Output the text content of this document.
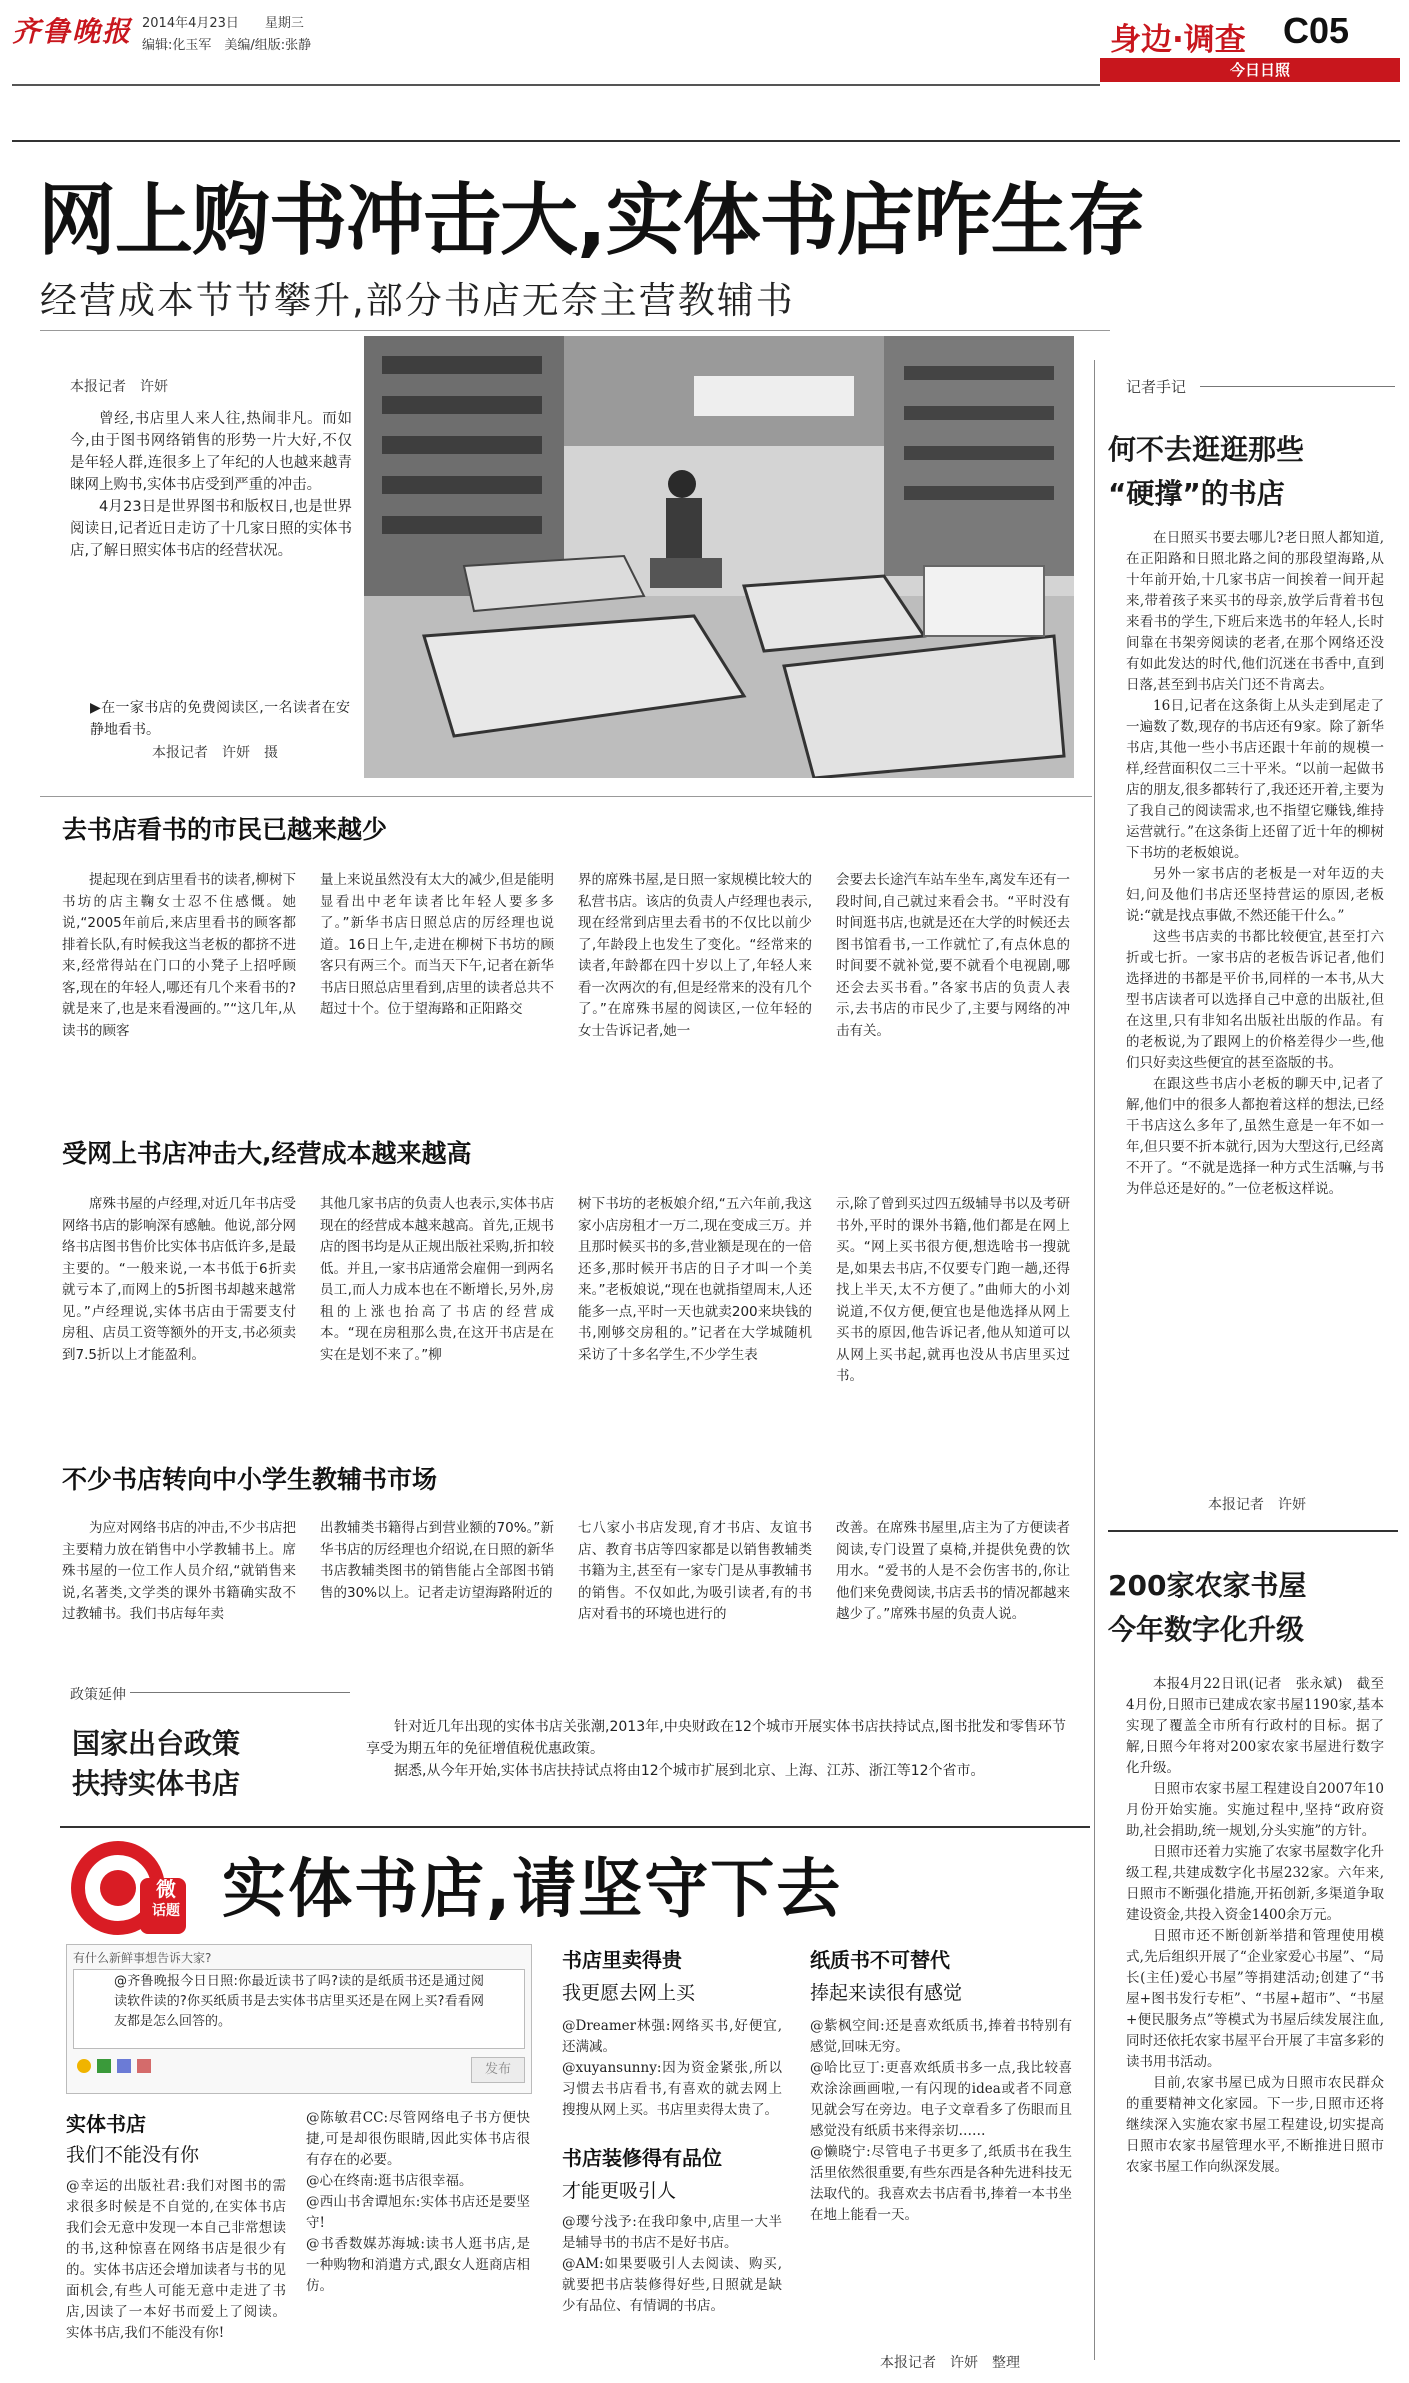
齐鲁晚报 2014年4月23日　　 星期三
编辑:化玉军　 美编/组版:张静	身边·调查 C05
今日日照
网上购书冲击大,实体书店咋生存
经营成本节节攀升,部分书店无奈主营教辅书
本报记者　许妍

曾经,书店里人来人往,热闹非凡。而如今,由于图书网络销售的形势一片大好,不仅是年轻人群,连很多上了年纪的人也越来越青睐网上购书,实体书店受到严重的冲击。

4月23日是世界图书和版权日,也是世界阅读日,记者近日走访了十几家日照的实体书店,了解日照实体书店的经营状况。

▶在一家书店的免费阅读区,一名读者在安静地看书。
本报记者　许妍　摄
去书店看书的市民已越来越少

提起现在到店里看书的读者,柳树下书坊的店主鞠女士忍不住感慨。她说,“2005年前后,来店里看书的顾客都排着长队,有时候我这当老板的都挤不进来,经常得站在门口的小凳子上招呼顾客,现在的年轻人,哪还有几个来看书的?就是来了,也是来看漫画的。”“这几年,从读书的顾客

量上来说虽然没有太大的减少,但是能明显看出中老年读者比年轻人要多多了。”新华书店日照总店的厉经理也说道。16日上午,走进在柳树下书坊的顾客只有两三个。而当天下午,记者在新华书店日照总店里看到,店里的读者总共不超过十个。位于望海路和正阳路交

界的席殊书屋,是日照一家规模比较大的私营书店。该店的负责人卢经理也表示,现在经常到店里去看书的不仅比以前少了,年龄段上也发生了变化。“经常来的读者,年龄都在四十岁以上了,年轻人来看一次两次的有,但是经常来的没有几个了。”在席殊书屋的阅读区,一位年轻的女士告诉记者,她一

会要去长途汽车站车坐车,离发车还有一段时间,自己就过来看会书。“平时没有时间逛书店,也就是还在大学的时候还去图书馆看书,一工作就忙了,有点休息的时间要不就补觉,要不就看个电视剧,哪还会去买书看。”各家书店的负责人表示,去书店的市民少了,主要与网络的冲击有关。

受网上书店冲击大,经营成本越来越高

席殊书屋的卢经理,对近几年书店受网络书店的影响深有感触。他说,部分网络书店图书售价比实体书店低许多,是最主要的。“一般来说,一本书低于6折卖就亏本了,而网上的5折图书却越来越常见。”卢经理说,实体书店由于需要支付房租、店员工资等额外的开支,书必须卖到7.5折以上才能盈利。

其他几家书店的负责人也表示,实体书店现在的经营成本越来越高。首先,正规书店的图书均是从正规出版社采购,折扣较低。并且,一家书店通常会雇佣一到两名员工,而人力成本也在不断增长,另外,房租的上涨也抬高了书店的经营成本。“现在房租那么贵,在这开书店是在实在是划不来了。”柳

树下书坊的老板娘介绍,“五六年前,我这家小店房租才一万二,现在变成三万。并且那时候买书的多,营业额是现在的一倍还多,那时候开书店的日子才叫一个美来。”老板娘说,“现在也就指望周末,人还能多一点,平时一天也就卖200来块钱的书,刚够交房租的。”记者在大学城随机采访了十多名学生,不少学生表

示,除了曾到买过四五级辅导书以及考研书外,平时的课外书籍,他们都是在网上买。“网上买书很方便,想选啥书一搜就是,如果去书店,不仅要专门跑一趟,还得找上半天,太不方便了。”曲师大的小刘说道,不仅方便,便宜也是他选择从网上买书的原因,他告诉记者,他从知道可以从网上买书起,就再也没从书店里买过书。

不少书店转向中小学生教辅书市场

为应对网络书店的冲击,不少书店把主要精力放在销售中小学教辅书上。席殊书屋的一位工作人员介绍,“就销售来说,名著类,文学类的课外书籍确实敌不过教辅书。我们书店每年卖

出教辅类书籍得占到营业额的70%。”新华书店的厉经理也介绍说,在日照的新华书店教辅类图书的销售能占全部图书销售的30%以上。记者走访望海路附近的

七八家小书店发现,育才书店、友谊书店、教育书店等四家都是以销售教辅类书籍为主,甚至有一家专门是从事教辅书的销售。不仅如此,为吸引读者,有的书店对看书的环境也进行的

改善。在席殊书屋里,店主为了方便读者阅读,专门设置了桌椅,并提供免费的饮用水。“爱书的人是不会伤害书的,你让他们来免费阅读,书店丢书的情况都越来越少了。”席殊书屋的负责人说。

记者手记
何不去逛逛那些
“硬撑”的书店

在日照买书要去哪儿?老日照人都知道,在正阳路和日照北路之间的那段望海路,从十年前开始,十几家书店一间挨着一间开起来,带着孩子来买书的母亲,放学后背着书包来看书的学生,下班后来选书的年轻人,长时间靠在书架旁阅读的老者,在那个网络还没有如此发达的时代,他们沉迷在书香中,直到日落,甚至到书店关门还不肯离去。

16日,记者在这条街上从头走到尾走了一遍数了数,现存的书店还有9家。除了新华书店,其他一些小书店还跟十年前的规模一样,经营面积仅二三十平米。“以前一起做书店的朋友,很多都转行了,我还还开着,主要为了我自己的阅读需求,也不指望它赚钱,维持运营就行。”在这条街上还留了近十年的柳树下书坊的老板娘说。

另外一家书店的老板是一对年迈的夫妇,问及他们书店还坚持营运的原因,老板说:“就是找点事做,不然还能干什么。”

这些书店卖的书都比较便宜,甚至打六折或七折。一家书店的老板告诉记者,他们选择进的书都是平价书,同样的一本书,从大型书店读者可以选择自己中意的出版社,但在这里,只有非知名出版社出版的作品。有的老板说,为了跟网上的价格差得少一些,他们只好卖这些便宜的甚至盗版的书。

在跟这些书店小老板的聊天中,记者了解,他们中的很多人都抱着这样的想法,已经干书店这么多年了,虽然生意是一年不如一年,但只要不折本就行,因为大型这行,已经离不开了。“不就是选择一种方式生活嘛,与书为伴总还是好的。”一位老板这样说。

本报记者　许妍
200家农家书屋
今年数字化升级

本报4月22日讯(记者　张永斌)　截至4月份,日照市已建成农家书屋1190家,基本实现了覆盖全市所有行政村的目标。据了解,日照今年将对200家农家书屋进行数字化升级。

日照市农家书屋工程建设自2007年10月份开始实施。实施过程中,坚持“政府资助,社会捐助,统一规划,分头实施”的方针。

日照市还着力实施了农家书屋数字化升级工程,共建成数字化书屋232家。六年来,日照市不断强化措施,开拓创新,多渠道争取建设资金,共投入资金1400余万元。

日照市还不断创新举措和管理使用模式,先后组织开展了“企业家爱心书屋”、“局长(主任)爱心书屋”等捐建活动;创建了“书屋+图书发行专柜”、“书屋+超市”、“书屋+便民服务点”等模式为书屋后续发展注血,同时还依托农家书屋平台开展了丰富多彩的读书用书活动。

目前,农家书屋已成为日照市农民群众的重要精神文化家园。下一步,日照市还将继续深入实施农家书屋工程建设,切实提高日照市农家书屋管理水平,不断推进日照市农家书屋工作向纵深发展。

政策延伸
国家出台政策
扶持实体书店

针对近几年出现的实体书店关张潮,2013年,中央财政在12个城市开展实体书店扶持试点,图书批发和零售环节享受为期五年的免征增值税优惠政策。

据悉,从今年开始,实体书店扶持试点将由12个城市扩展到北京、上海、江苏、浙江等12个省市。

微
话题 实体书店,请坚守下去
有什么新鲜事想告诉大家?
@齐鲁晚报今日日照:你最近读书了吗?读的是纸质书还是通过阅读软件读的?你买纸质书是去实体书店里买还是在网上买?看看网友都是怎么回答的。
发布
实体书店
我们不能没有你

@幸运的出版社君:我们对图书的需求很多时候是不自觉的,在实体书店我们会无意中发现一本自己非常想读的书,这种惊喜在网络书店是很少有的。实体书店还会增加读者与书的见面机会,有些人可能无意中走进了书店,因读了一本好书而爱上了阅读。实体书店,我们不能没有你!

@陈敏君CC:尽管网络电子书方便快捷,可是却很伤眼睛,因此实体书店很有存在的必要。

@心在终南:逛书店很幸福。

@西山书舍谭旭东:实体书店还是要坚守!

@书香数媒苏海城:读书人逛书店,是一种购物和消遣方式,跟女人逛商店相仿。

书店里卖得贵
我更愿去网上买

@Dreamer林强:网络买书,好便宜,还满减。

@xuyansunny:因为资金紧张,所以习惯去书店看书,有喜欢的就去网上搜搜从网上买。书店里卖得太贵了。

书店装修得有品位
才能更吸引人

@璎兮浅予:在我印象中,店里一大半是辅导书的书店不是好书店。

@AM:如果要吸引人去阅读、购买,就要把书店装修得好些,日照就是缺少有品位、有情调的书店。

纸质书不可替代
捧起来读很有感觉

@紫枫空间:还是喜欢纸质书,捧着书特别有感觉,回味无穷。

@哈比豆丁:更喜欢纸质书多一点,我比较喜欢涂涂画画啦,一有闪现的idea或者不同意见就会写在旁边。电子文章看多了伤眼而且感觉没有纸质书来得亲切……

@懒晓宁:尽管电子书更多了,纸质书在我生活里依然很重要,有些东西是各种先进科技无法取代的。我喜欢去书店看书,捧着一本书坐在地上能看一天。

本报记者　许妍　整理
